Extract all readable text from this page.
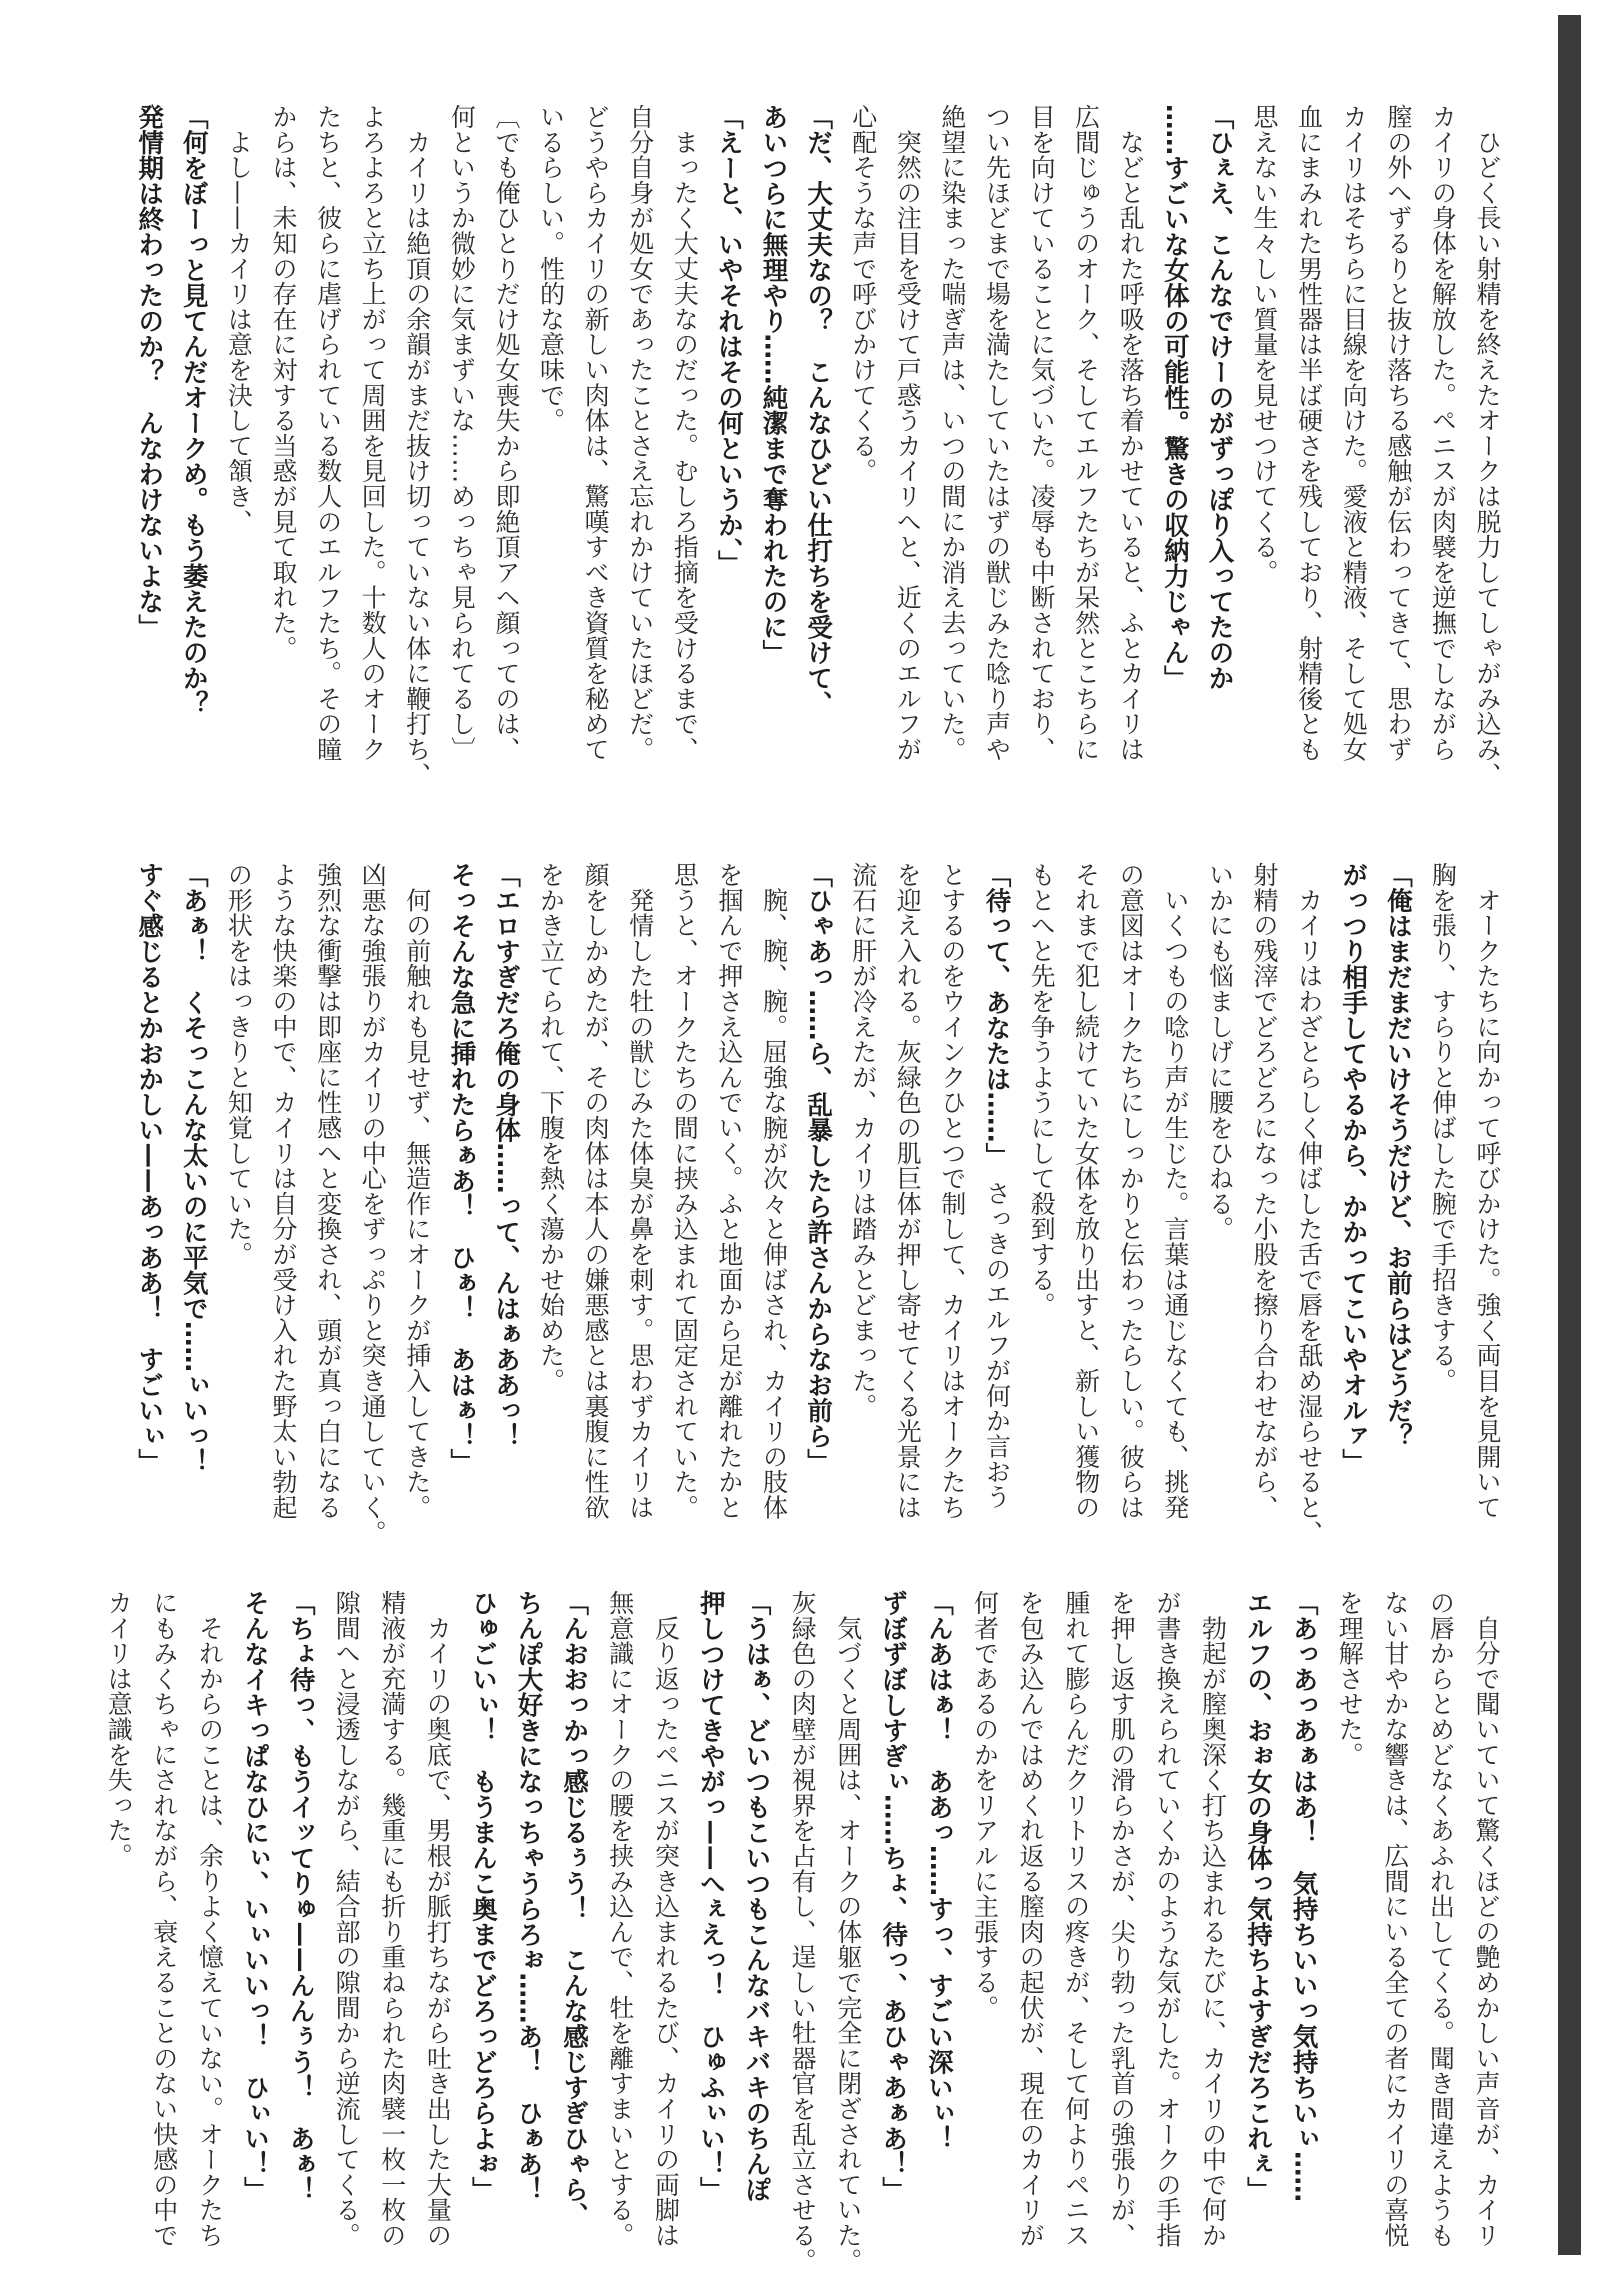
　ひどく長い射精を終えたオークは脱力してしゃがみ込み、
カイリの身体を解放した。ペニスが肉襞を逆撫でしながら
膣の外へずるりと抜け落ちる感触が伝わってきて、思わず
カイリはそちらに目線を向けた。愛液と精液、そして処女
血にまみれた男性器は半ば硬さを残しており、射精後とも
思えない生々しい質量を見せつけてくる。
「ひぇえ、こんなでけーのがずっぽり入ってたのか
……すごいな女体の可能性。驚きの収納力じゃん」
　などと乱れた呼吸を落ち着かせていると、ふとカイリは
広間じゅうのオーク、そしてエルフたちが呆然とこちらに
目を向けていることに気づいた。凌辱も中断されており、
つい先ほどまで場を満たしていたはずの獣じみた唸り声や
絶望に染まった喘ぎ声は、いつの間にか消え去っていた。
　突然の注目を受けて戸惑うカイリへと、近くのエルフが
心配そうな声で呼びかけてくる。
「だ、大丈夫なの？　こんなひどい仕打ちを受けて、
あいつらに無理やり……純潔まで奪われたのに」
「えーと、いやそれはその何というか、」
　まったく大丈夫なのだった。むしろ指摘を受けるまで、
自分自身が処女であったことさえ忘れかけていたほどだ。
どうやらカイリの新しい肉体は、驚嘆すべき資質を秘めて
いるらしい。性的な意味で。
〔でも俺ひとりだけ処女喪失から即絶頂アヘ顔ってのは、
何というか微妙に気まずいな……めっちゃ見られてるし〕
　カイリは絶頂の余韻がまだ抜け切っていない体に鞭打ち、
よろよろと立ち上がって周囲を見回した。十数人のオーク
たちと、彼らに虐げられている数人のエルフたち。その瞳
からは、未知の存在に対する当惑が見て取れた。
　よし——カイリは意を決して頷き、
「何をぼーっと見てんだオークめ。もう萎えたのか？
発情期は終わったのか？　んなわけないよな」
　オークたちに向かって呼びかけた。強く両目を見開いて
胸を張り、すらりと伸ばした腕で手招きする。
「俺はまだまだいけそうだけど、お前らはどうだ？
がっつり相手してやるから、かかってこいやオルァ」
　カイリはわざとらしく伸ばした舌で唇を舐め湿らせると、
射精の残滓でどろどろになった小股を擦り合わせながら、
いかにも悩ましげに腰をひねる。
　いくつもの唸り声が生じた。言葉は通じなくても、挑発
の意図はオークたちにしっかりと伝わったらしい。彼らは
それまで犯し続けていた女体を放り出すと、新しい獲物の
もとへと先を争うようにして殺到する。
「待って、あなたは……」　さっきのエルフが何か言おう
とするのをウインクひとつで制して、カイリはオークたち
を迎え入れる。灰緑色の肌巨体が押し寄せてくる光景には
流石に肝が冷えたが、カイリは踏みとどまった。
「ひゃあっ……ら、乱暴したら許さんからなお前ら」
　腕、腕、腕。屈強な腕が次々と伸ばされ、カイリの肢体
を掴んで押さえ込んでいく。ふと地面から足が離れたかと
思うと、オークたちの間に挟み込まれて固定されていた。
　発情した牡の獣じみた体臭が鼻を刺す。思わずカイリは
顔をしかめたが、その肉体は本人の嫌悪感とは裏腹に性欲
をかき立てられて、下腹を熱く蕩かせ始めた。
「エロすぎだろ俺の身体……って、んはぁああっ！
そっそんな急に挿れたらぁあ！　ひぁ！　あはぁ！」
　何の前触れも見せず、無造作にオークが挿入してきた。
凶悪な強張りがカイリの中心をずっぷりと突き通していく。
強烈な衝撃は即座に性感へと変換され、頭が真っ白になる
ような快楽の中で、カイリは自分が受け入れた野太い勃起
の形状をはっきりと知覚していた。
「あぁ！　くそっこんな太いのに平気で……ぃいっ！
すぐ感じるとかおかしい——あっああ！　すごいぃ」
　自分で聞いていて驚くほどの艶めかしい声音が、カイリ
の唇からとめどなくあふれ出してくる。聞き間違えようも
ない甘やかな響きは、広間にいる全ての者にカイリの喜悦
を理解させた。
「あっあっあぁはあ！　気持ちいいっ気持ちいぃ……
エルフの、おぉ女の身体っ気持ちよすぎだろこれぇ」
　勃起が膣奥深く打ち込まれるたびに、カイリの中で何か
が書き換えられていくかのような気がした。オークの手指
を押し返す肌の滑らかさが、尖り勃った乳首の強張りが、
腫れて膨らんだクリトリスの疼きが、そして何よりペニス
を包み込んではめくれ返る膣肉の起伏が、現在のカイリが
何者であるのかをリアルに主張する。
「んあはぁ！　ああっ……すっ、すごい深いぃ！
ずぼずぼしすぎぃ……ちょ、待っ、あひゃあぁあ！」
　気づくと周囲は、オークの体躯で完全に閉ざされていた。
灰緑色の肉壁が視界を占有し、逞しい牡器官を乱立させる。
「うはぁ、どいつもこいつもこんなバキバキのちんぽ
押しつけてきやがっ——へぇえっ！　ひゅふぃい！」
　反り返ったペニスが突き込まれるたび、カイリの両脚は
無意識にオークの腰を挟み込んで、牡を離すまいとする。
「んおおっかっ感じるぅう！　こんな感じすぎひゃら、
ちんぽ大好きになっちゃうらろぉ……あ！　ひぁあ！
ひゅごいぃ！　もうまんこ奥までどろっどろらよぉ」
　カイリの奥底で、男根が脈打ちながら吐き出した大量の
精液が充満する。幾重にも折り重ねられた肉襞一枚一枚の
隙間へと浸透しながら、結合部の隙間から逆流してくる。
「ちょ待っ、もうイッてりゅ——んんぅう！　あぁ！
そんなイキっぱなひにぃ、いぃいいっ！　ひぃい！」
　それからのことは、余りよく憶えていない。オークたち
にもみくちゃにされながら、衰えることのない快感の中で
カイリは意識を失った。
